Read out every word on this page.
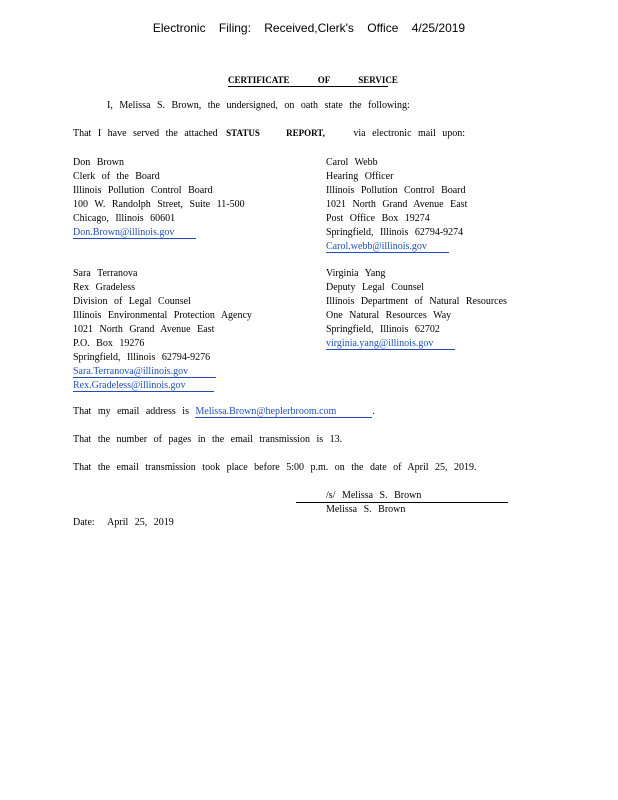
Electronic Filing: Received,Clerk's Office 4/25/2019
CERTIFICATE OF SERVICE
I, Melissa S. Brown, the undersigned, on oath state the following:
That I have served the attached STATUS REPORT,	via electronic mail upon:
Don Brown
Clerk of the Board
Illinois Pollution Control Board
100 W. Randolph Street, Suite 11-500
Chicago, Illinois 60601
Don.Brown@illinois.gov
Carol Webb
Hearing Officer
Illinois Pollution Control Board
1021 North Grand Avenue East
Post Office Box 19274
Springfield, Illinois 62794-9274
Carol.webb@illinois.gov
Sara Terranova
Rex Gradeless
Division of Legal Counsel
Illinois Environmental Protection Agency
1021 North Grand Avenue East
P.O. Box 19276
Springfield, Illinois 62794-9276
Sara.Terranova@illinois.gov
Rex.Gradeless@illinois.gov
Virginia Yang
Deputy Legal Counsel
Illinois Department of Natural Resources
One Natural Resources Way
Springfield, Illinois 62702
virginia.yang@illinois.gov
That my email address is Melissa.Brown@heplerbroom.com	.
That the number of pages in the email transmission is 13.
That the email transmission took place before 5:00 p.m. on the date of April 25, 2019.
/s/ Melissa S. Brown
Melissa S. Brown
Date: April 25, 2019
